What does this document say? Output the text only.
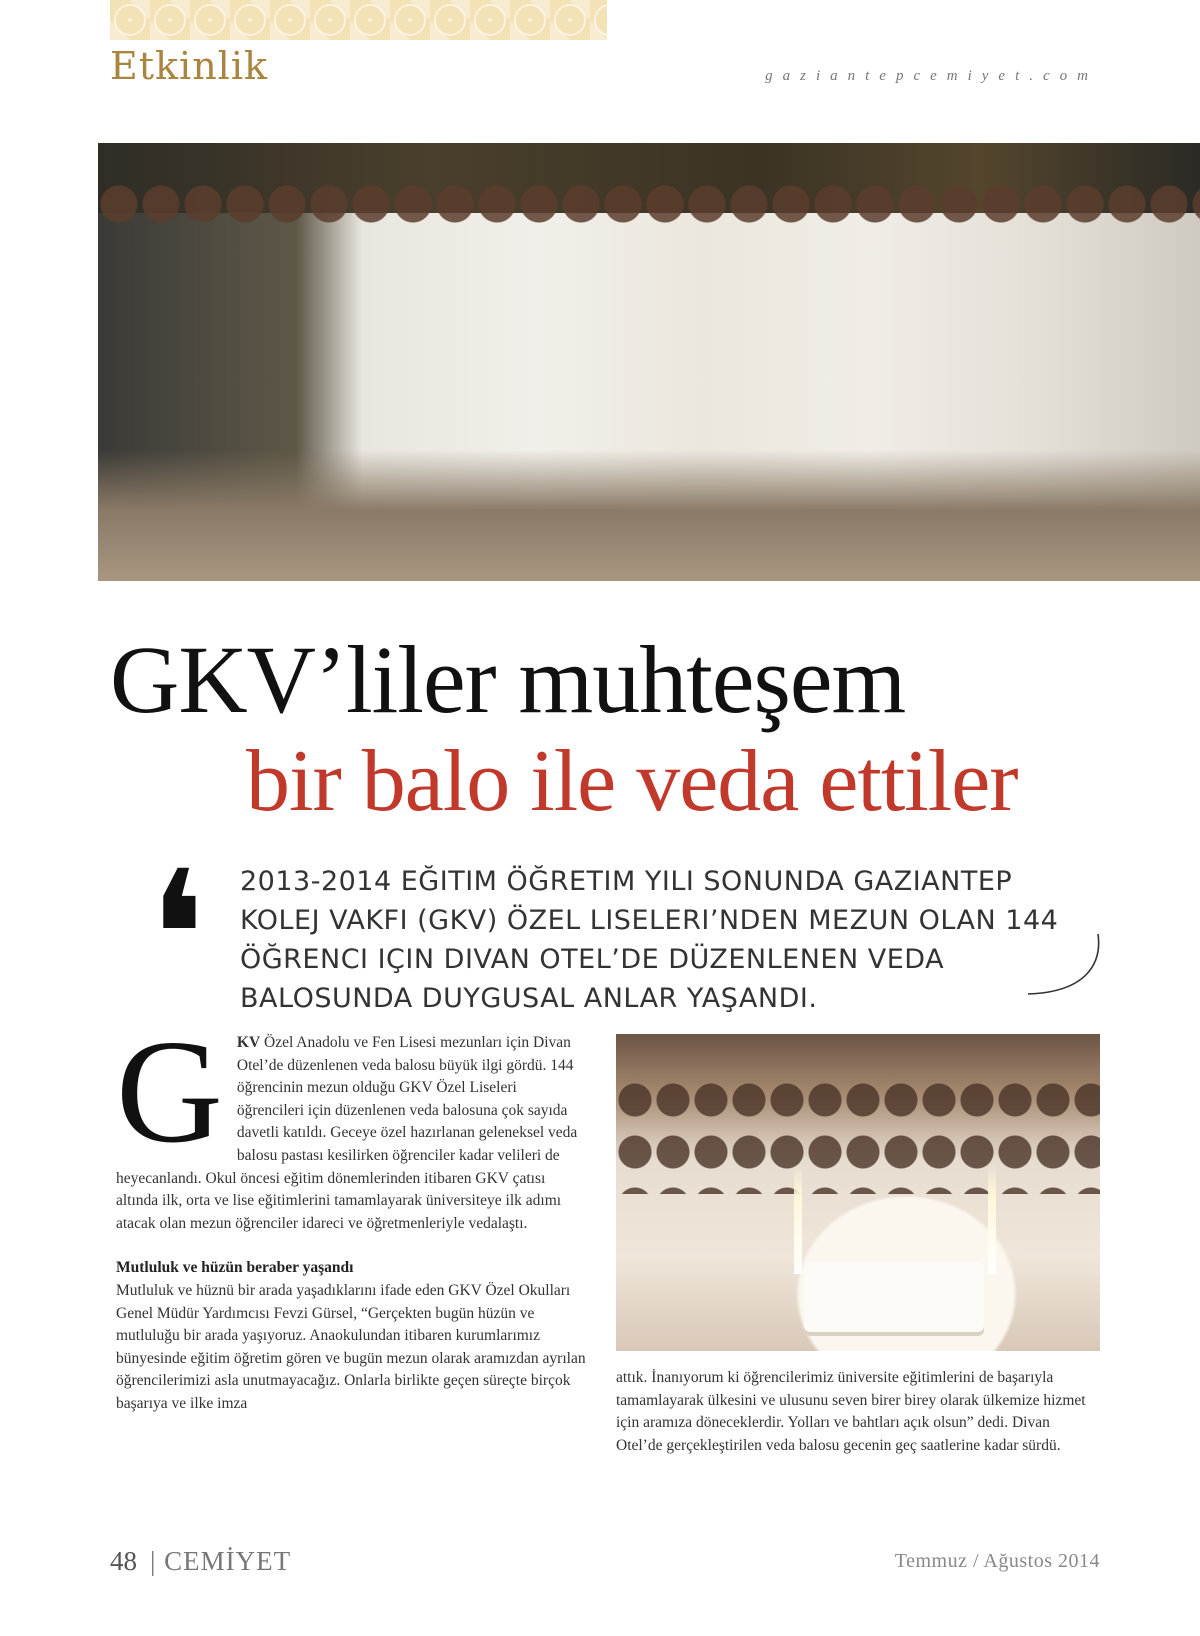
Etkinlik	gaziantepcemiyet.com
GKV’liler muhteşem
bir balo ile veda ettiler
❛ 2013-2014 EĞITIM ÖĞRETIM YILI SONUNDA GAZIANTEP KOLEJ VAKFI (GKV) ÖZEL LISELERI’NDEN MEZUN OLAN 144 ÖĞRENCI IÇIN DIVAN OTEL’DE DÜZENLENEN VEDA BALOSUNDA DUYGUSAL ANLAR YAŞANDI.
G KV Özel Anadolu ve Fen Lisesi mezunları için Divan Otel’de düzenlenen veda balosu büyük ilgi gördü. 144 öğrencinin mezun olduğu GKV Özel Liseleri öğrencileri için düzenlenen veda balosuna çok sayıda davetli katıldı. Geceye özel hazırlanan geleneksel veda balosu pastası kesilirken öğrenciler kadar velileri de heyecanlandı. Okul öncesi eğitim dönemlerinden itibaren GKV çatısı altında ilk, orta ve lise eğitimlerini tamamlayarak üniversiteye ilk adımı atacak olan mezun öğrenciler idareci ve öğretmenleriyle vedalaştı.
Mutluluk ve hüzün beraber yaşandı
Mutluluk ve hüznü bir arada yaşadıklarını ifade eden GKV Özel Okulları Genel Müdür Yardımcısı Fevzi Gürsel, “Gerçekten bugün hüzün ve mutluluğu bir arada yaşıyoruz. Anaokulundan itibaren kurumlarımız bünyesinde eğitim öğretim gören ve bugün mezun olarak aramızdan ayrılan öğrencilerimizi asla unutmayacağız. Onlarla birlikte geçen süreçte birçok başarıya ve ilke imza
attık. İnanıyorum ki öğrencilerimiz üniversite eğitimlerini de başarıyla tamamlayarak ülkesini ve ulusunu seven birer birey olarak ülkemize hizmet için aramıza döneceklerdir. Yolları ve bahtları açık olsun” dedi. Divan Otel’de gerçekleştirilen veda balosu gecenin geç saatlerine kadar sürdü.
48 | CEMİYET	Temmuz / Ağustos 2014
